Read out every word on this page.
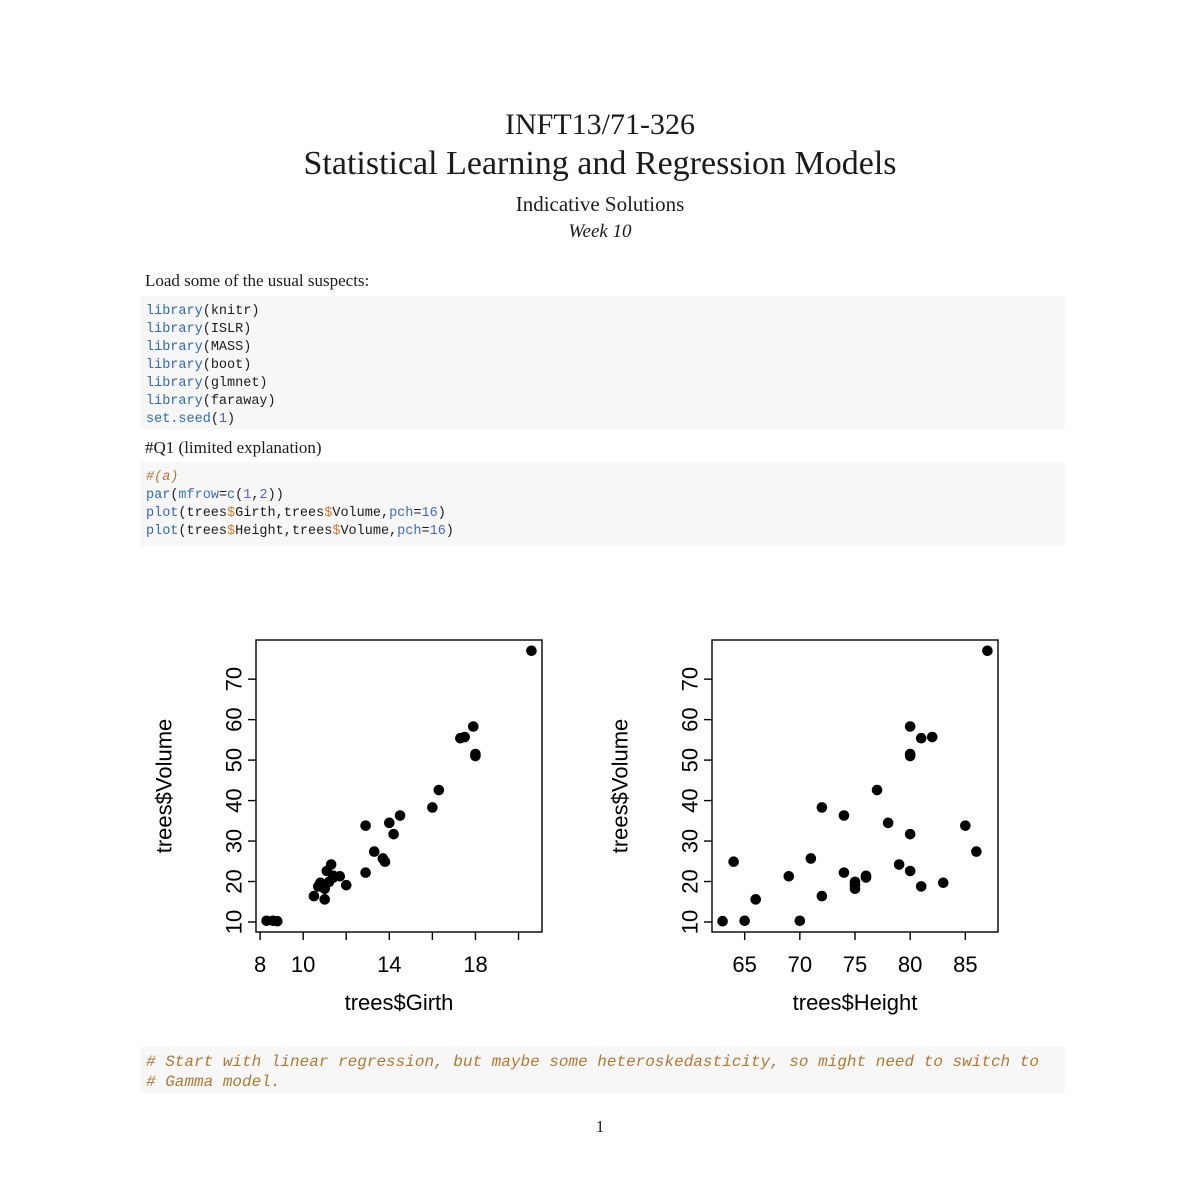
INFT13/71-326
Statistical Learning and Regression Models
Indicative Solutions
Week 10
Load some of the usual suspects:
library(knitr)
library(ISLR)
library(MASS)
library(boot)
library(glmnet)
library(faraway)
set.seed(1)
#Q1 (limited explanation)
#(a)
par(mfrow=c(1,2))
plot(trees$Girth,trees$Volume,pch=16)
plot(trees$Height,trees$Volume,pch=16)
8 10	14	18
10
20
30
40
50
60
70
trees$Girth
trees$Volume
65 70 75 80 85
10
20
30
40
50
60
70
trees$Height
trees$Volume
# Start with linear regression, but maybe some heteroskedasticity, so might need to switch to
# Gamma model.
1
